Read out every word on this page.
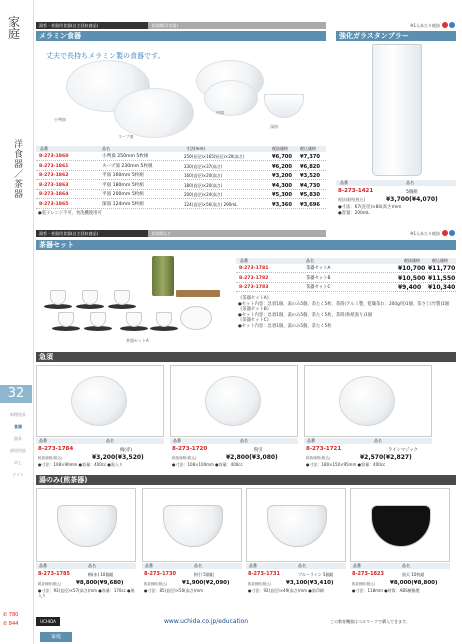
家庭
洋食器／茶器
32
料理道具
食器
器具
厨房用品
卓上
ソフト
✆ 780
✆ 844
湯呑・茶器用食器(自主回収商品)	食器類(洋食器)	※1入あたり税抜
メラミン食器
丈夫で長持ちメラミン製の食器です。
小判皿
スープ皿
中皿
深皿
品番	品名	寸法(mm)	税抜価格	税込価格
8-273-1860	小判皿 250mm 5枚組	250(長径)×165(短径)×20(高さ)	¥6,700 ¥7,370
8-273-1861	スープ皿 230mm 5枚組	230(直径)×37(高さ)	¥6,200 ¥6,820
8-273-1862	平皿 160mm 5枚組	160(直径)×20(高さ)	¥3,200 ¥3,520
8-273-1863	平皿 180mm 5枚組	180(直径)×20(高さ)	¥4,300 ¥4,730
8-273-1864	平皿 200mm 5枚組	200(直径)×24(高さ)	¥5,300 ¥5,830
8-273-1865	深皿 124mm 5枚組	124(直径)×56(高さ) 290mL	¥3,360 ¥3,696
●電子レンジ不可、食洗機使用可
強化ガラスタンブラー
品番	品名
8-273-1421	5個組
税抜価格(税込)	¥3,700(¥4,070)
●寸法：67(直径)×80(高さ)mm
●容量：200mL
湯呑・茶器用食器(自主回収商品)	食器類など	※1入あたり税抜
茶器セット
茶器セットA
品番	品名	税抜価格	税込価格
8-273-1781	茶器セットA	¥10,700 ¥11,770
8-273-1782	茶器セットB	¥10,500 ¥11,550
8-273-1783	茶器セットC	¥9,400 ¥10,340
《茶器セットA》
●セット内容：急須1個、湯のみ5個、茶たく5枚、茶筒(アルミ製、乾燥茶れ：200g用)1個、茶さじ(竹製)1個
《茶器セットB》
●セット内容：急須1個、湯のみ5個、茶たく5枚、茶筒(和紙張り)1個
《茶器セットC》
●セット内容：急須1個、湯のみ5個、茶たく5枚
急須
品番	品名
8-273-1784	梅(赤)
税抜価格(税込)	¥3,200(¥3,520)
●寸法：108×90mm ●容量：400cc ●黒入り
品番	品名
8-273-1720	粉引
税抜価格(税込)	¥2,800(¥3,080)
●寸法：108×100mm ●容量：400cc
品番	品名
8-273-1721	ラインマジック
税抜価格(税込)	¥2,570(¥2,827)
●寸法：180×150×95mm ●容量：400cc
湯のみ(煎茶器)
品番	品名
8-273-1785	梅(赤) 10個組
税抜価格(税込)	¥8,800(¥9,680)
●寸法：93(直径)×57(高さ)mm ●容量：170cc ●黒入り
品番	品名
8-273-1730	粉引 5個組
税抜価格(税込)	¥1,900(¥2,090)
●寸法：85(直径)×50(高さ)mm
品番	品名
8-273-1731	ブルーライン 5個組
税抜価格(税込)	¥3,100(¥3,410)
●寸法：92(直径)×49(高さ)mm ●黒印刷
品番	品名
8-273-1823	黒天 10枚組
税抜価格(税込)	¥8,000(¥8,800)
●寸法：118mm ●材質：ABS樹脂製
UCHIDA	www.uchida.co.jp/education	この教育機器はベルマークで購入できます。
家庭
